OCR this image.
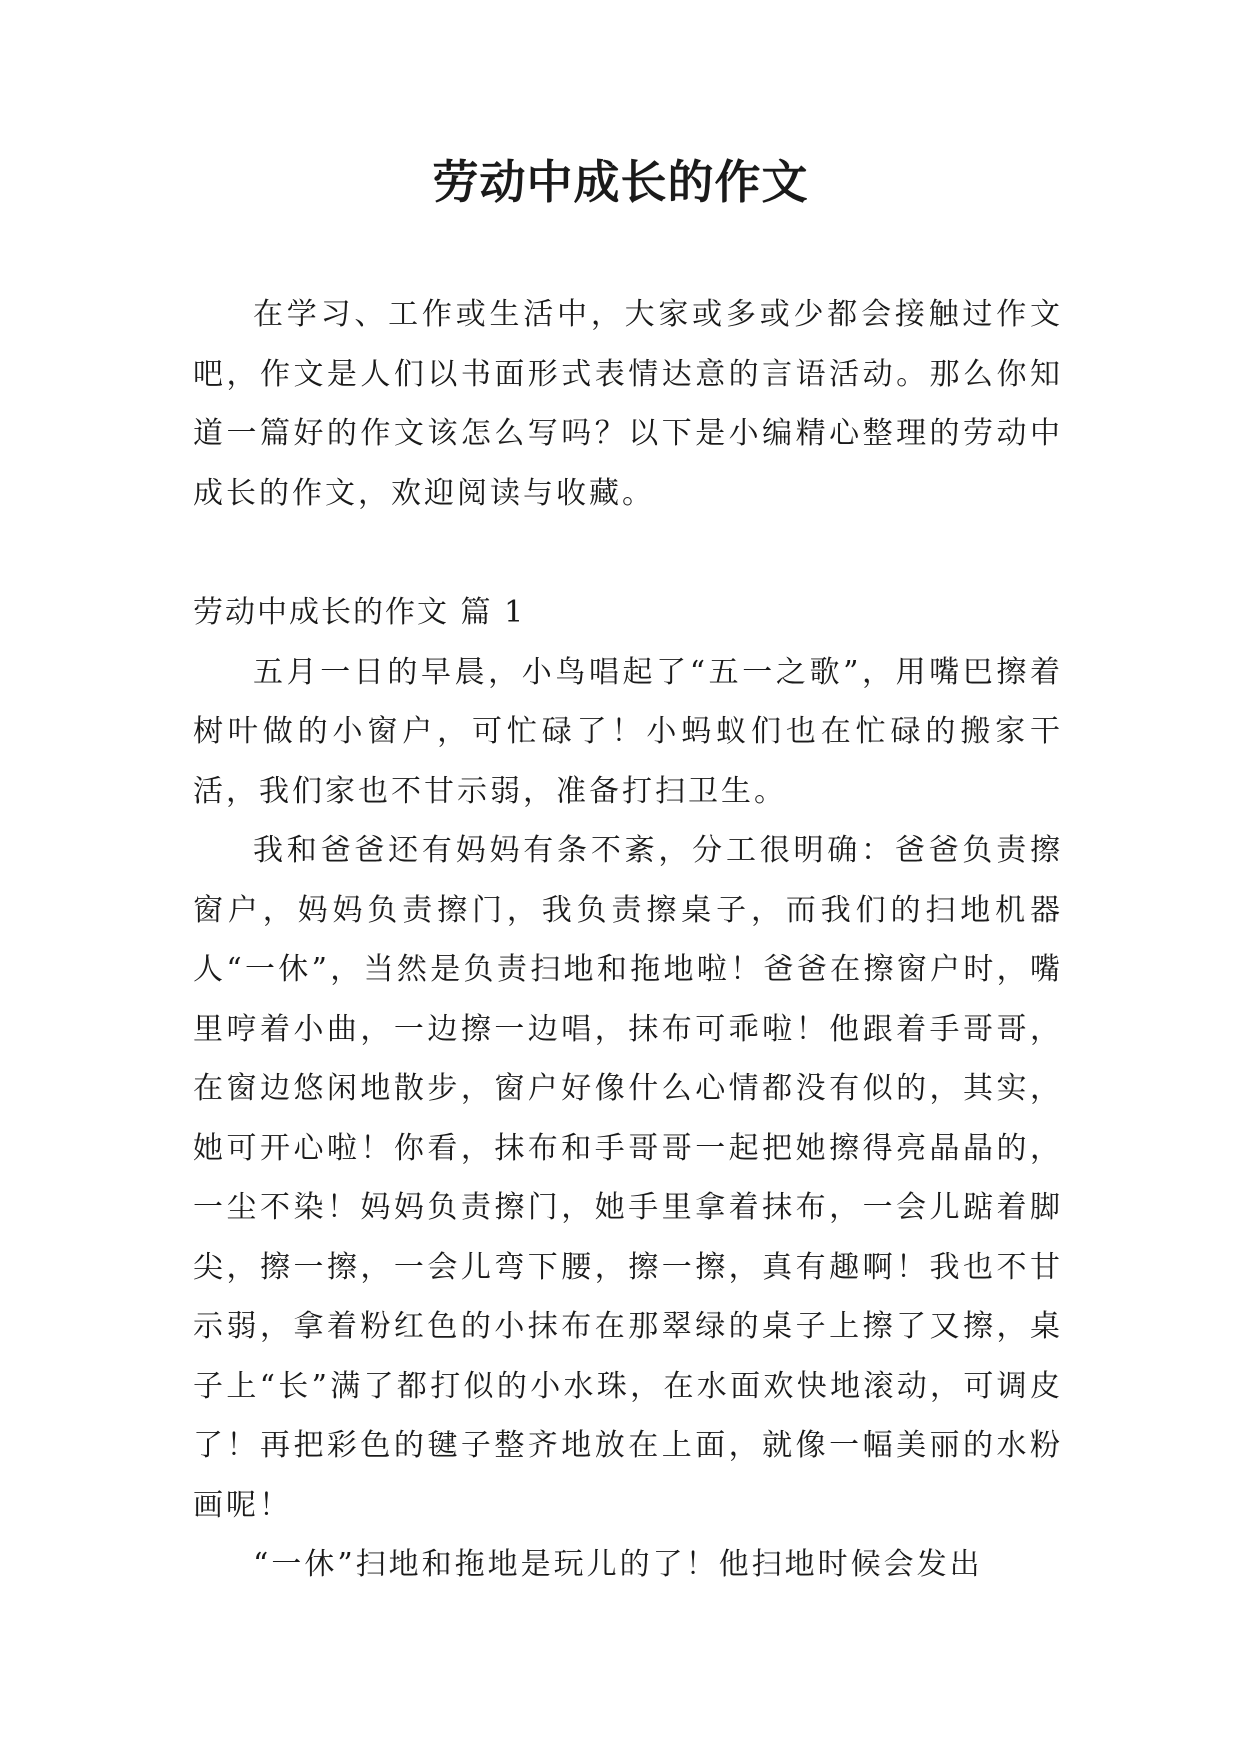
劳动中成长的作文

在学习、工作或生活中，大家或多或少都会接触过作文吧，作文是人们以书面形式表情达意的言语活动。那么你知道一篇好的作文该怎么写吗？以下是小编精心整理的劳动中成长的作文，欢迎阅读与收藏。

劳动中成长的作文 篇 1

五月一日的早晨，小鸟唱起了“五一之歌”，用嘴巴擦着树叶做的小窗户，可忙碌了！小蚂蚁们也在忙碌的搬家干活，我们家也不甘示弱，准备打扫卫生。

我和爸爸还有妈妈有条不紊，分工很明确：爸爸负责擦窗户，妈妈负责擦门，我负责擦桌子，而我们的扫地机器人“一休”，当然是负责扫地和拖地啦！爸爸在擦窗户时，嘴里哼着小曲，一边擦一边唱，抹布可乖啦！他跟着手哥哥，在窗边悠闲地散步，窗户好像什么心情都没有似的，其实，她可开心啦！你看，抹布和手哥哥一起把她擦得亮晶晶的，一尘不染！妈妈负责擦门，她手里拿着抹布，一会儿踮着脚尖，擦一擦，一会儿弯下腰，擦一擦，真有趣啊！我也不甘示弱，拿着粉红色的小抹布在那翠绿的桌子上擦了又擦，桌子上“长”满了都打似的小水珠，在水面欢快地滚动，可调皮了！再把彩色的毽子整齐地放在上面，就像一幅美丽的水粉画呢！

“一休”扫地和拖地是玩儿的了！他扫地时候会发出
